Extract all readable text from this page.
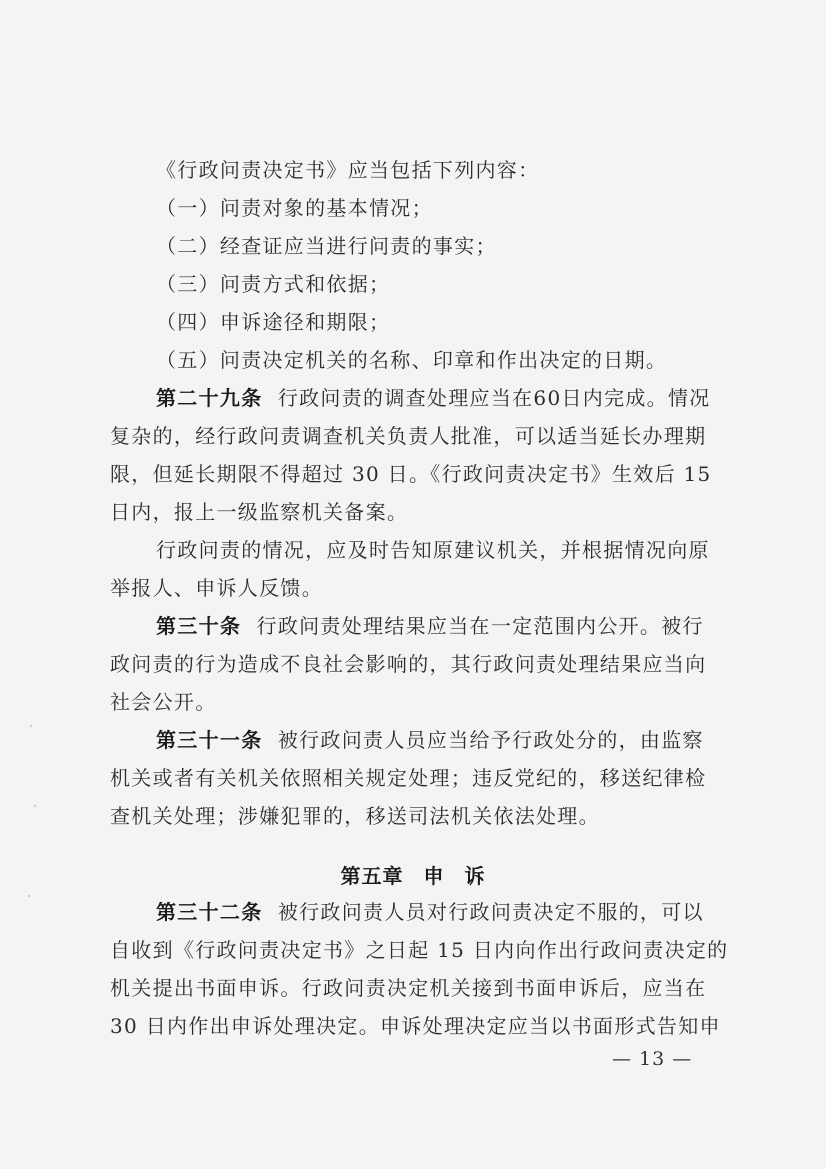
《行政问责决定书》应当包括下列内容：
（一）问责对象的基本情况；
（二）经查证应当进行问责的事实；
（三）问责方式和依据；
（四）申诉途径和期限；
（五）问责决定机关的名称、印章和作出决定的日期。
第二十九条 行政问责的调查处理应当在60日内完成。情况
复杂的，经行政问责调查机关负责人批准，可以适当延长办理期
限，但延长期限不得超过 30 日。《行政问责决定书》生效后 15
日内，报上一级监察机关备案。
行政问责的情况，应及时告知原建议机关，并根据情况向原
举报人、申诉人反馈。
第三十条 行政问责处理结果应当在一定范围内公开。被行
政问责的行为造成不良社会影响的，其行政问责处理结果应当向
社会公开。
第三十一条 被行政问责人员应当给予行政处分的，由监察
机关或者有关机关依照相关规定处理；违反党纪的，移送纪律检
查机关处理；涉嫌犯罪的，移送司法机关依法处理。
第三十二条 被行政问责人员对行政问责决定不服的，可以
自收到《行政问责决定书》之日起 15 日内向作出行政问责决定的
机关提出书面申诉。行政问责决定机关接到书面申诉后，应当在
30 日内作出申诉处理决定。申诉处理决定应当以书面形式告知申
第五章 申 诉
— 13 —
